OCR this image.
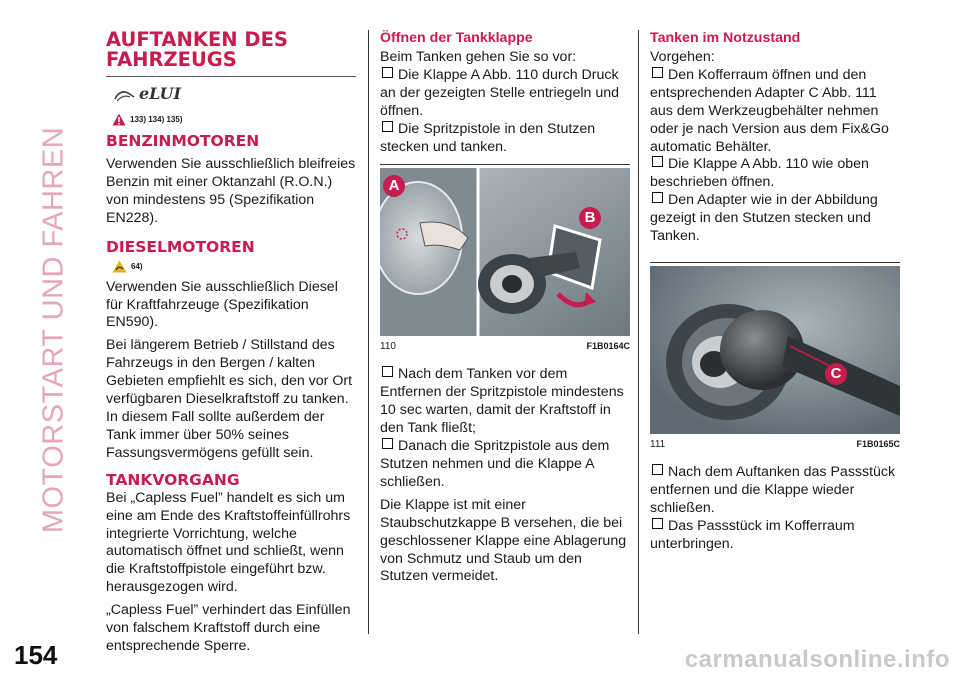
MOTORSTART UND FAHREN
154	carmanualsonline.info
AUFTANKEN DES
FAHRZEUGS
eLUI
133) 134) 135)
BENZINMOTOREN

Verwenden Sie ausschließlich bleifreies Benzin mit einer Oktanzahl (R.O.N.) von mindestens 95 (Spezifikation EN228).

DIESELMOTOREN
64)

Verwenden Sie ausschließlich Diesel für Kraftfahrzeuge (Spezifikation EN590).

Bei längerem Betrieb / Stillstand des Fahrzeugs in den Bergen / kalten Gebieten empfiehlt es sich, den vor Ort verfügbaren Dieselkraftstoff zu tanken. In diesem Fall sollte außerdem der Tank immer über 50% seines Fassungsvermögens gefüllt sein.

TANKVORGANG

Bei „Capless Fuel” handelt es sich um eine am Ende des Kraftstoffeinfüllrohrs integrierte Vorrichtung, welche automatisch öffnet und schließt, wenn die Kraftstoffpistole eingeführt bzw. herausgezogen wird.

„Capless Fuel” verhindert das Einfüllen von falschem Kraftstoff durch eine entsprechende Sperre.

Öffnen der Tankklappe

Beim Tanken gehen Sie so vor:

Die Klappe A Abb. 110 durch Druck an der gezeigten Stelle entriegeln und öffnen.

Die Spritzpistole in den Stutzen stecken und tanken.

A
B
110	F1B0164C

Nach dem Tanken vor dem Entfernen der Spritzpistole mindestens 10 sec warten, damit der Kraftstoff in den Tank fließt;

Danach die Spritzpistole aus dem Stutzen nehmen und die Klappe A schließen.

Die Klappe ist mit einer Staubschutzkappe B versehen, die bei geschlossener Klappe eine Ablagerung von Schmutz und Staub um den Stutzen vermeidet.

Tanken im Notzustand

Vorgehen:

Den Kofferraum öffnen und den entsprechenden Adapter C Abb. 111 aus dem Werkzeugbehälter nehmen oder je nach Version aus dem Fix&Go automatic Behälter.

Die Klappe A Abb. 110 wie oben beschrieben öffnen.

Den Adapter wie in der Abbildung gezeigt in den Stutzen stecken und Tanken.

C
111	F1B0165C

Nach dem Auftanken das Passstück entfernen und die Klappe wieder schließen.

Das Passstück im Kofferraum unterbringen.
